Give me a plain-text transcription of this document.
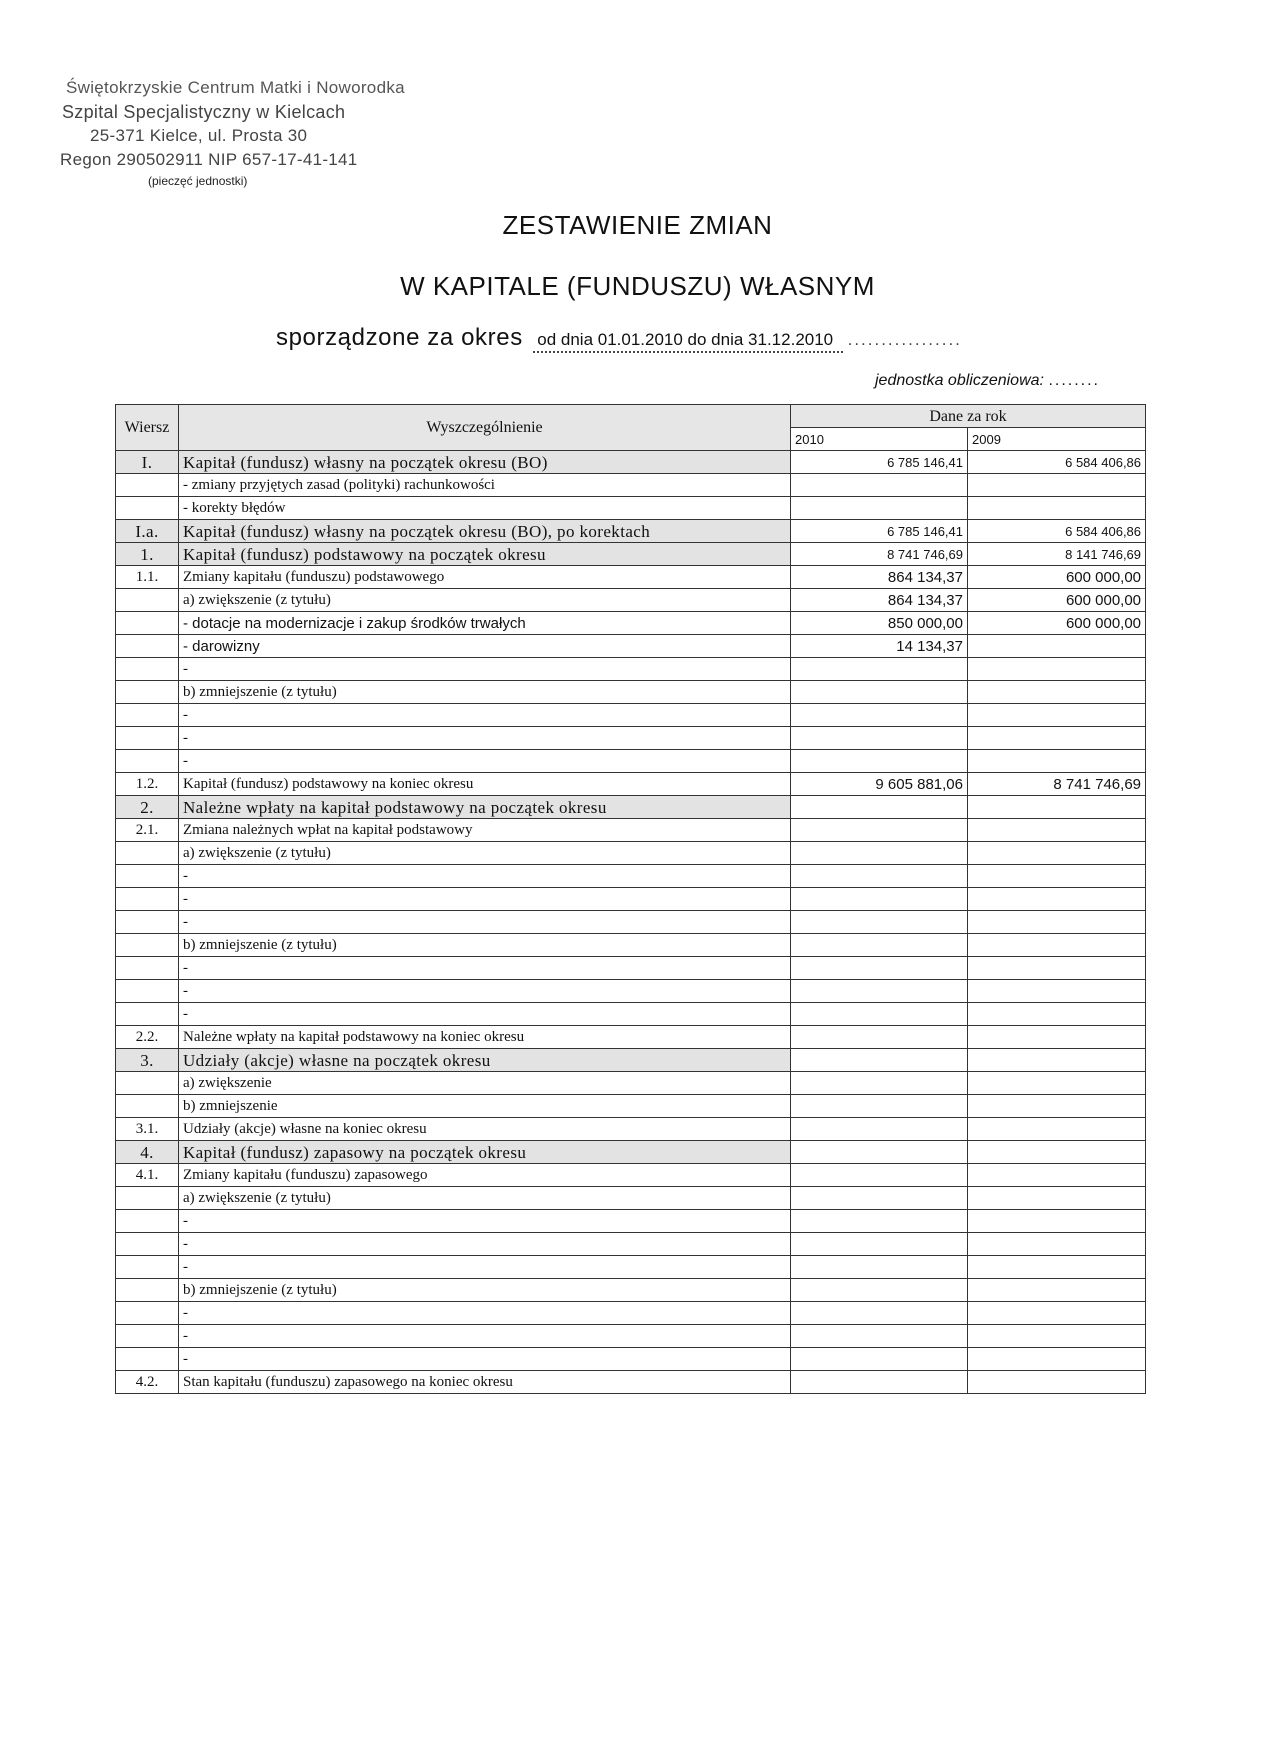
Świętokrzyskie Centrum Matki i Noworodka
Szpital Specjalistyczny w Kielcach
25-371 Kielce, ul. Prosta 30
Regon 290502911 NIP 657-17-41-141
(pieczęć jednostki)
ZESTAWIENIE ZMIAN
W KAPITALE (FUNDUSZU) WŁASNYM
sporządzone za okres od dnia 01.01.2010 do dnia 31.12.2010 .................
jednostka obliczeniowa: ........
Wiersz	Wyszczególnienie	Dane za rok	
		2010	2009
I.	Kapitał (fundusz) własny na początek okresu (BO)	6 785 146,41	6 584 406,86
	- zmiany przyjętych zasad (polityki) rachunkowości		
	- korekty błędów		
I.a.	Kapitał (fundusz) własny na początek okresu (BO), po korektach	6 785 146,41	6 584 406,86
1.	Kapitał (fundusz) podstawowy na początek okresu	8 741 746,69	8 141 746,69
1.1.	Zmiany kapitału (funduszu) podstawowego	864 134,37	600 000,00
	a) zwiększenie (z tytułu)	864 134,37	600 000,00
	- dotacje na modernizacje i zakup środków trwałych	850 000,00	600 000,00
	- darowizny	14 134,37	
	-		
	b) zmniejszenie (z tytułu)		
	-		
	-		
	-		
1.2.	Kapitał (fundusz) podstawowy na koniec okresu	9 605 881,06	8 741 746,69
2.	Należne wpłaty na kapitał podstawowy na początek okresu		
2.1.	Zmiana należnych wpłat na kapitał podstawowy		
	a) zwiększenie (z tytułu)		
	-		
	-		
	-		
	b) zmniejszenie (z tytułu)		
	-		
	-		
	-		
2.2.	Należne wpłaty na kapitał podstawowy na koniec okresu		
3.	Udziały (akcje) własne na początek okresu		
	a) zwiększenie		
	b) zmniejszenie		
3.1.	Udziały (akcje) własne na koniec okresu		
4.	Kapitał (fundusz) zapasowy na początek okresu		
4.1.	Zmiany kapitału (funduszu) zapasowego		
	a) zwiększenie (z tytułu)		
	-		
	-		
	-		
	b) zmniejszenie (z tytułu)		
	-		
	-		
	-		
4.2.	Stan kapitału (funduszu) zapasowego na koniec okresu		
